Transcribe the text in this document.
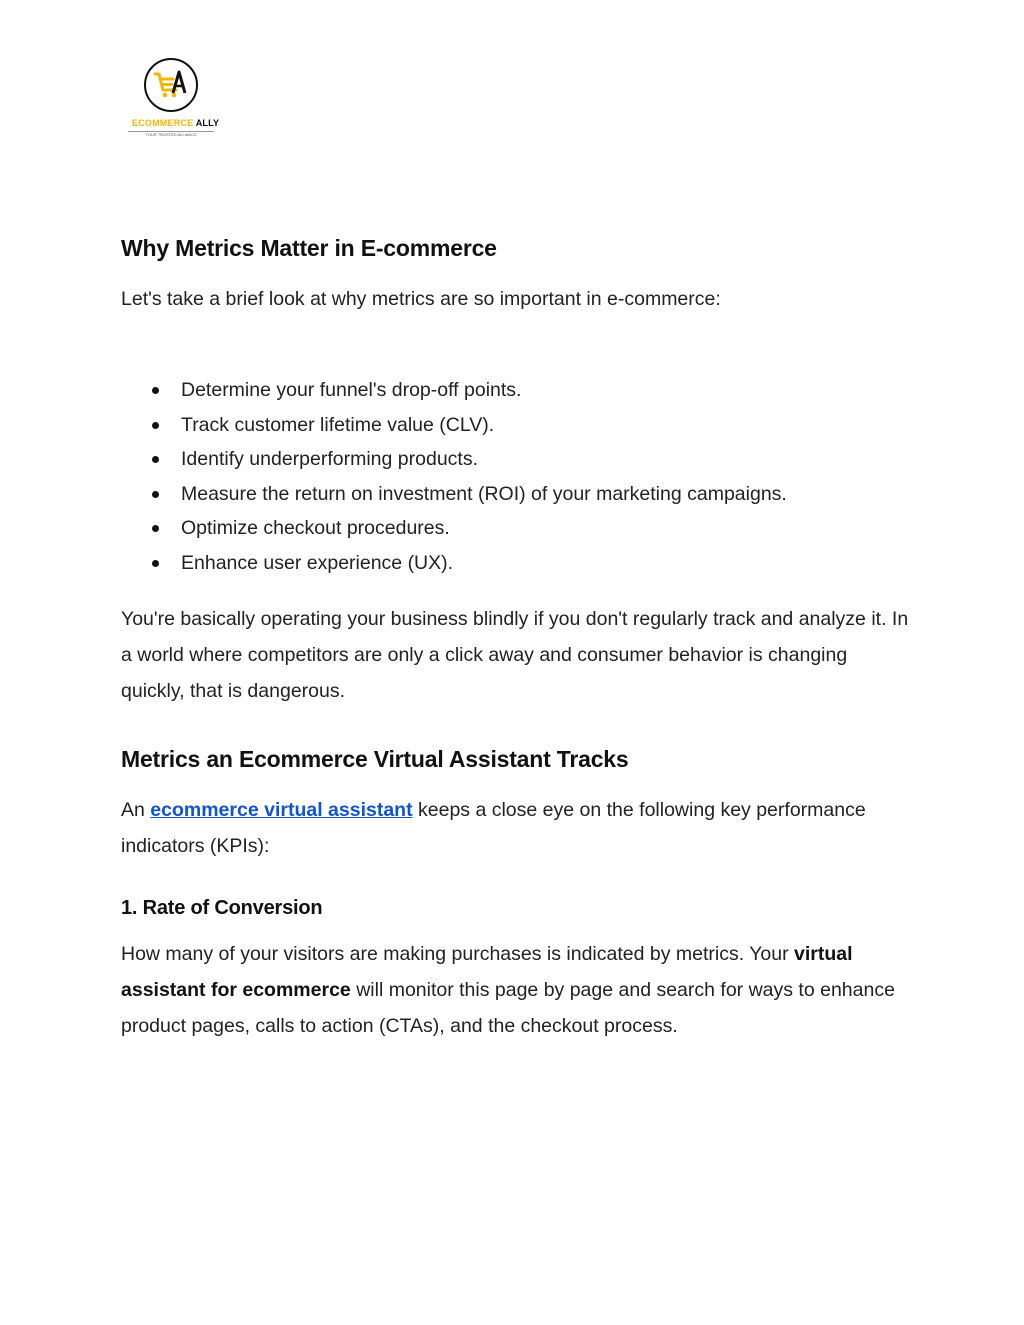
ECOMMERCE ALLY
YOUR TRUSTED ALLIANCE
Why Metrics Matter in E-commerce

Let's take a brief look at why metrics are so important in e-commerce:

Determine your funnel's drop-off points.
Track customer lifetime value (CLV).
Identify underperforming products.
Measure the return on investment (ROI) of your marketing campaigns.
Optimize checkout procedures.
Enhance user experience (UX).

You're basically operating your business blindly if you don't regularly track and analyze it. In a world where competitors are only a click away and consumer behavior is changing quickly, that is dangerous.

Metrics an Ecommerce Virtual Assistant Tracks

An ecommerce virtual assistant keeps a close eye on the following key performance indicators (KPIs):

1. Rate of Conversion

How many of your visitors are making purchases is indicated by metrics. Your virtual assistant for ecommerce will monitor this page by page and search for ways to enhance product pages, calls to action (CTAs), and the checkout process.
